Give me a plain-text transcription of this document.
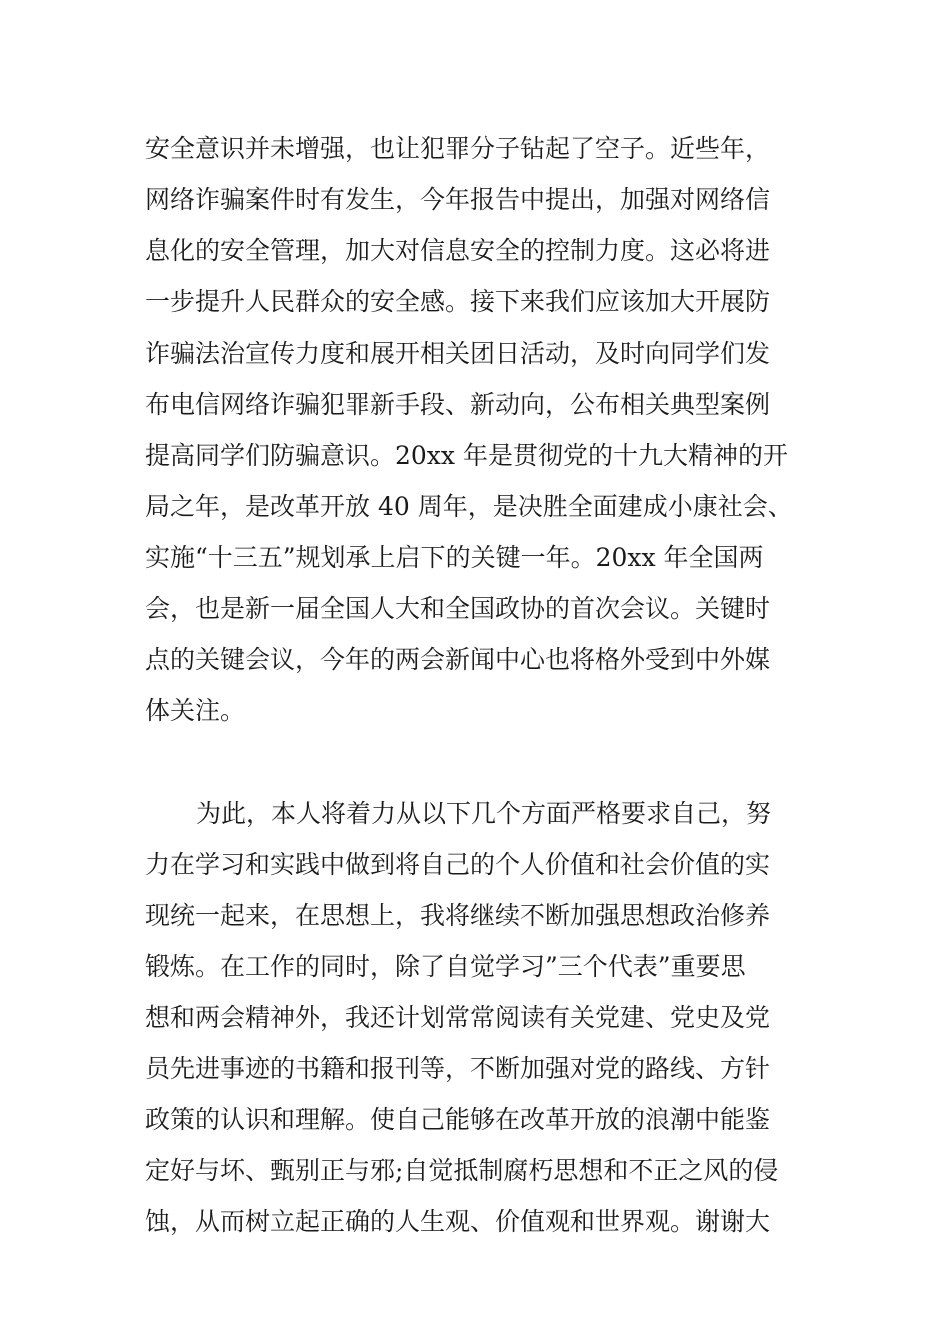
安全意识并未增强，也让犯罪分子钻起了空子。近些年，
网络诈骗案件时有发生，今年报告中提出，加强对网络信
息化的安全管理，加大对信息安全的控制力度。这必将进
一步提升人民群众的安全感。接下来我们应该加大开展防
诈骗法治宣传力度和展开相关团日活动，及时向同学们发
布电信网络诈骗犯罪新手段、新动向，公布相关典型案例
提高同学们防骗意识。20xx 年是贯彻党的十九大精神的开
局之年，是改革开放 40 周年，是决胜全面建成小康社会、
实施“十三五”规划承上启下的关键一年。20xx 年全国两
会，也是新一届全国人大和全国政协的首次会议。关键时
点的关键会议，今年的两会新闻中心也将格外受到中外媒
体关注。
为此，本人将着力从以下几个方面严格要求自己，努
力在学习和实践中做到将自己的个人价值和社会价值的实
现统一起来，在思想上，我将继续不断加强思想政治修养
锻炼。在工作的同时，除了自觉学习”三个代表”重要思
想和两会精神外，我还计划常常阅读有关党建、党史及党
员先进事迹的书籍和报刊等，不断加强对党的路线、方针
政策的认识和理解。使自己能够在改革开放的浪潮中能鉴
定好与坏、甄别正与邪;自觉抵制腐朽思想和不正之风的侵
蚀，从而树立起正确的人生观、价值观和世界观。谢谢大
